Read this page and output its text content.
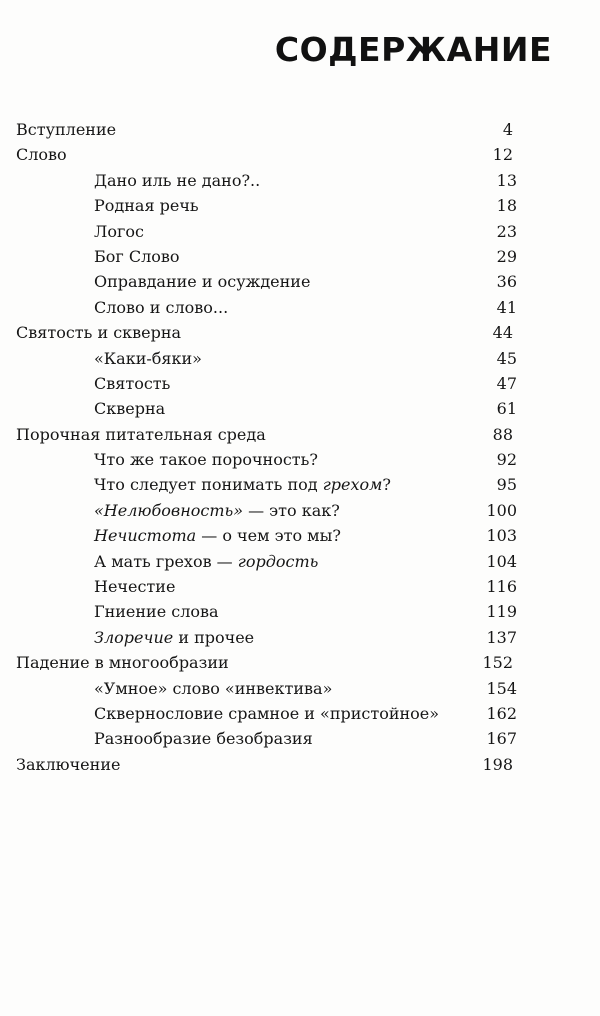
СОДЕРЖАНИЕ
Вступление	4
Слово	12
Дано иль не дано?..	13
Родная речь	18
Логос	23
Бог Слово	29
Оправдание и осуждение	36
Слово и слово...	41
Святость и скверна	44
«Каки-бяки»	45
Святость	47
Скверна	61
Порочная питательная среда	88
Что же такое порочность?	92
Что следует понимать под грехом?	95
«Нелюбовность» — это как?	100
Нечистота — о чем это мы?	103
А мать грехов — гордость	104
Нечестие	116
Гниение слова	119
Злоречие и прочее	137
Падение в многообразии	152
«Умное» слово «инвектива»	154
Сквернословие срамное и «пристойное»	162
Разнообразие безобразия	167
Заключение	198
